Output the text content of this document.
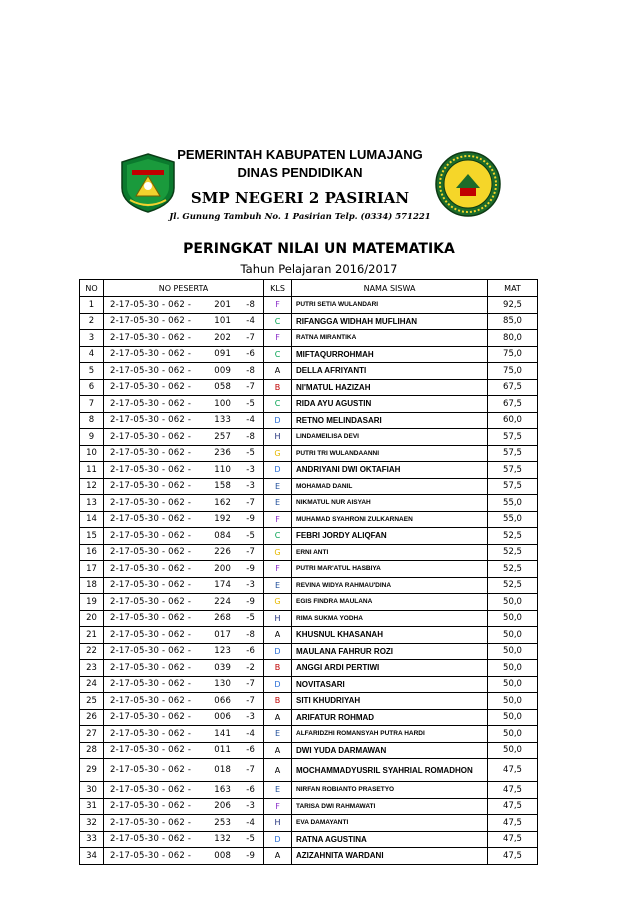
PEMERINTAH KABUPATEN LUMAJANG
DINAS PENDIDIKAN
SMP NEGERI 2 PASIRIAN
Jl. Gunung Tambuh No. 1 Pasirian Telp. (0334) 571221
PERINGKAT NILAI UN MATEMATIKA
Tahun Pelajaran 2016/2017
NO	NO PESERTA	KLS	NAMA SISWA	MAT
1	2-17-05-30 - 062 - 201 -8	F	PUTRI SETIA WULANDARI	92,5
2	2-17-05-30 - 062 - 101 -4	C	RIFANGGA WIDHAH MUFLIHAN	85,0
3	2-17-05-30 - 062 - 202 -7	F	RATNA MIRANTIKA	80,0
4	2-17-05-30 - 062 - 091 -6	C	MIFTAQURROHMAH	75,0
5	2-17-05-30 - 062 - 009 -8	A	DELLA AFRIYANTI	75,0
6	2-17-05-30 - 062 - 058 -7	B	NI'MATUL HAZIZAH	67,5
7	2-17-05-30 - 062 - 100 -5	C	RIDA AYU AGUSTIN	67,5
8	2-17-05-30 - 062 - 133 -4	D	RETNO MELINDASARI	60,0
9	2-17-05-30 - 062 - 257 -8	H	LINDAMEILISA DEVI	57,5
10	2-17-05-30 - 062 - 236 -5	G	PUTRI TRI WULANDAANNI	57,5
11	2-17-05-30 - 062 - 110 -3	D	ANDRIYANI DWI OKTAFIAH	57,5
12	2-17-05-30 - 062 - 158 -3	E	MOHAMAD DANIL	57,5
13	2-17-05-30 - 062 - 162 -7	E	NIKMATUL NUR AISYAH	55,0
14	2-17-05-30 - 062 - 192 -9	F	MUHAMAD SYAHRONI ZULKARNAEN	55,0
15	2-17-05-30 - 062 - 084 -5	C	FEBRI JORDY ALIQFAN	52,5
16	2-17-05-30 - 062 - 226 -7	G	ERNI ANTI	52,5
17	2-17-05-30 - 062 - 200 -9	F	PUTRI MAR'ATUL HASBIYA	52,5
18	2-17-05-30 - 062 - 174 -3	E	REVINA WIDYA RAHMAU'DINA	52,5
19	2-17-05-30 - 062 - 224 -9	G	EGIS FINDRA MAULANA	50,0
20	2-17-05-30 - 062 - 268 -5	H	RIMA SUKMA YODHA	50,0
21	2-17-05-30 - 062 - 017 -8	A	KHUSNUL KHASANAH	50,0
22	2-17-05-30 - 062 - 123 -6	D	MAULANA FAHRUR ROZI	50,0
23	2-17-05-30 - 062 - 039 -2	B	ANGGI ARDI PERTIWI	50,0
24	2-17-05-30 - 062 - 130 -7	D	NOVITASARI	50,0
25	2-17-05-30 - 062 - 066 -7	B	SITI KHUDRIYAH	50,0
26	2-17-05-30 - 062 - 006 -3	A	ARIFATUR ROHMAD	50,0
27	2-17-05-30 - 062 - 141 -4	E	ALFARIDZHI ROMANSYAH PUTRA HARDI	50,0
28	2-17-05-30 - 062 - 011 -6	A	DWI YUDA DARMAWAN	50,0
29	2-17-05-30 - 062 - 018 -7	A	MOCHAMMADYUSRIL SYAHRIAL ROMADHON	47,5
30	2-17-05-30 - 062 - 163 -6	E	NIRFAN ROBIANTO PRASETYO	47,5
31	2-17-05-30 - 062 - 206 -3	F	TARISA DWI RAHMAWATI	47,5
32	2-17-05-30 - 062 - 253 -4	H	EVA DAMAYANTI	47,5
33	2-17-05-30 - 062 - 132 -5	D	RATNA AGUSTINA	47,5
34	2-17-05-30 - 062 - 008 -9	A	AZIZAHNITA WARDANI	47,5
